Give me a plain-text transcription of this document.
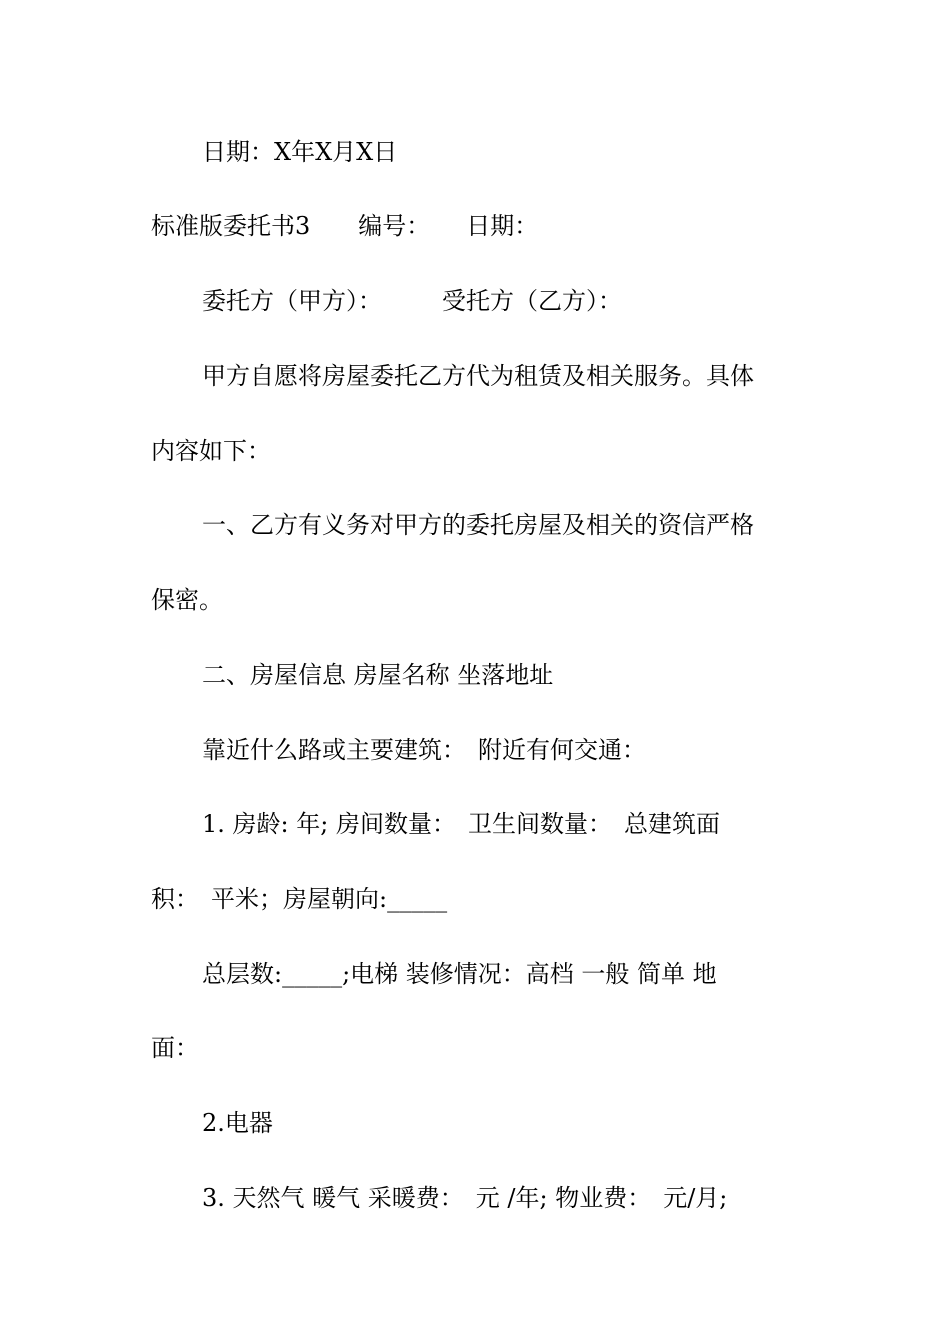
日期：X年X月X日
标准版委托书3　　编号：　　日期：
委托方（甲方）：　　　受托方（乙方）：
甲方自愿将房屋委托乙方代为租赁及相关服务。具体
内容如下：
一、乙方有义务对甲方的委托房屋及相关的资信严格
保密。
二、房屋信息 房屋名称 坐落地址
靠近什么路或主要建筑：　附近有何交通：
1. 房龄: 年; 房间数量：　卫生间数量：　总建筑面
积：　平米；房屋朝向:_____
总层数:_____;电梯 装修情况：高档 一般 简单 地
面：
2.电器
3. 天然气 暖气 采暖费：　元 /年; 物业费：　元/月;
